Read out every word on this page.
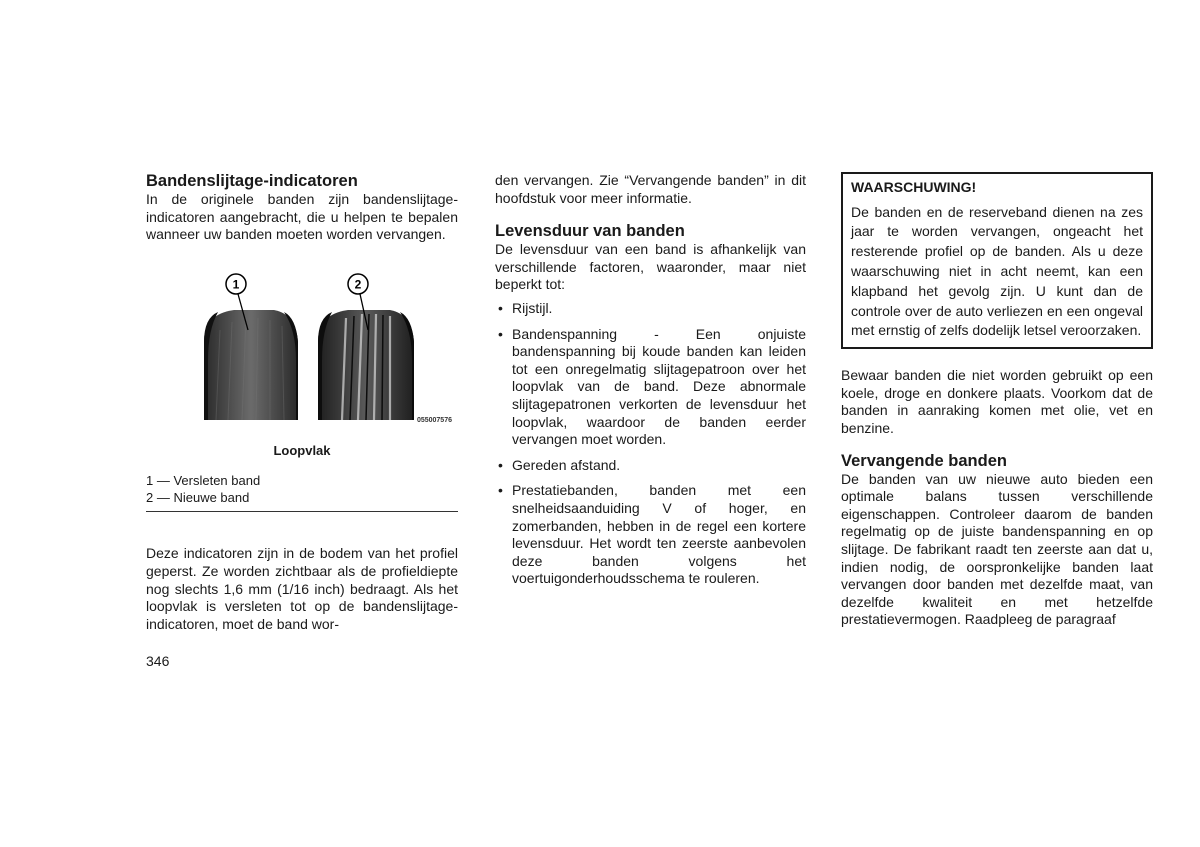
Bandenslijtage-indicatoren

In de originele banden zijn bandenslijtage-indicatoren aangebracht, die u helpen te bepalen wanneer uw banden moeten worden vervangen.

1	2
055007576
Loopvlak
1 — Versleten band
2 — Nieuwe band

Deze indicatoren zijn in de bodem van het profiel geperst. Ze worden zichtbaar als de profieldiepte nog slechts 1,6 mm (1/16 inch) bedraagt. Als het loopvlak is versleten tot op de bandenslijtage-indicatoren, moet de band wor-

den vervangen. Zie “Vervangende banden” in dit hoofdstuk voor meer informatie.

Levensduur van banden

De levensduur van een band is afhankelijk van verschillende factoren, waaronder, maar niet beperkt tot:

• Rijstijl.
• Bandenspanning - Een onjuiste bandenspanning bij koude banden kan leiden tot een onregelmatig slijtagepatroon over het loopvlak van de band. Deze abnormale slijtagepatronen verkorten de levensduur het loopvlak, waardoor de banden eerder vervangen moet worden.
• Gereden afstand.
• Prestatiebanden, banden met een snelheidsaanduiding V of hoger, en zomerbanden, hebben in de regel een kortere levensduur. Het wordt ten zeerste aanbevolen deze banden volgens het voertuigonderhoudsschema te rouleren.
WAARSCHUWING!

De banden en de reserveband dienen na zes jaar te worden vervangen, ongeacht het resterende profiel op de banden. Als u deze waarschuwing niet in acht neemt, kan een klapband het gevolg zijn. U kunt dan de controle over de auto verliezen en een ongeval met ernstig of zelfs dodelijk letsel veroorzaken.

Bewaar banden die niet worden gebruikt op een koele, droge en donkere plaats. Voorkom dat de banden in aanraking komen met olie, vet en benzine.

Vervangende banden

De banden van uw nieuwe auto bieden een optimale balans tussen verschillende eigenschappen. Controleer daarom de banden regelmatig op de juiste bandenspanning en op slijtage. De fabrikant raadt ten zeerste aan dat u, indien nodig, de oorspronkelijke banden laat vervangen door banden met dezelfde maat, van dezelfde kwaliteit en met hetzelfde prestatievermogen. Raadpleeg de paragraaf

346
